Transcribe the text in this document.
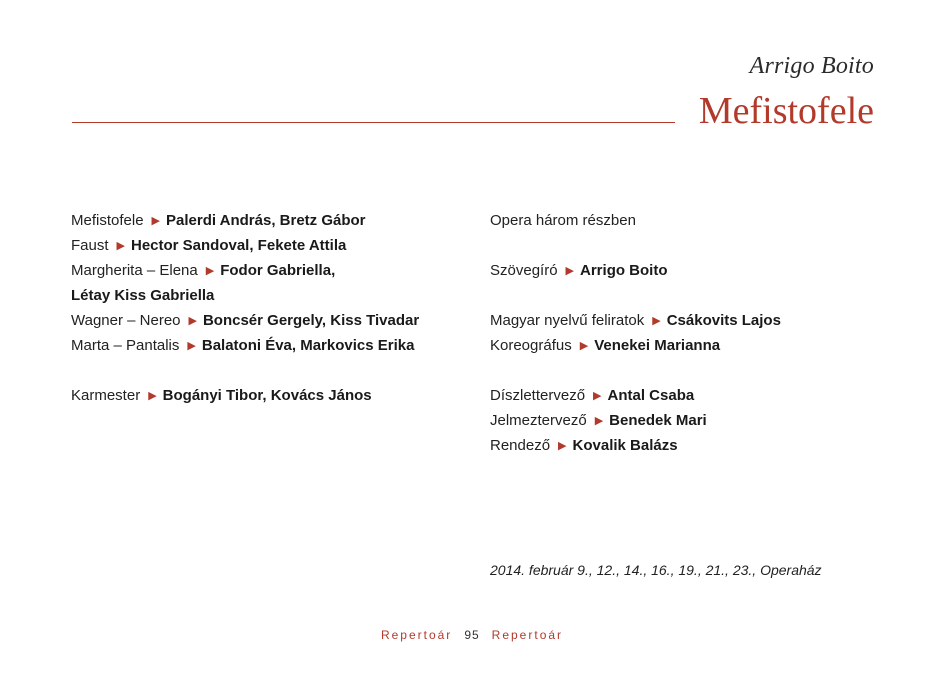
Arrigo Boito
Mefistofele
Mefistofele ▶ Palerdi András, Bretz Gábor
Faust ▶ Hector Sandoval, Fekete Attila
Margherita – Elena ▶ Fodor Gabriella,
Létay Kiss Gabriella
Wagner – Nereo ▶ Boncsér Gergely, Kiss Tivadar
Marta – Pantalis ▶ Balatoni Éva, Markovics Erika
Karmester ▶ Bogányi Tibor, Kovács János
Opera három részben
Szövegíró ▶ Arrigo Boito
Magyar nyelvű feliratok ▶ Csákovits Lajos
Koreográfus ▶ Venekei Marianna
Díszlettervező ▶ Antal Csaba
Jelmeztervező ▶ Benedek Mari
Rendező ▶ Kovalik Balázs
2014. február 9., 12., 14., 16., 19., 21., 23., Operaház
Repertoár 95 Repertoár
